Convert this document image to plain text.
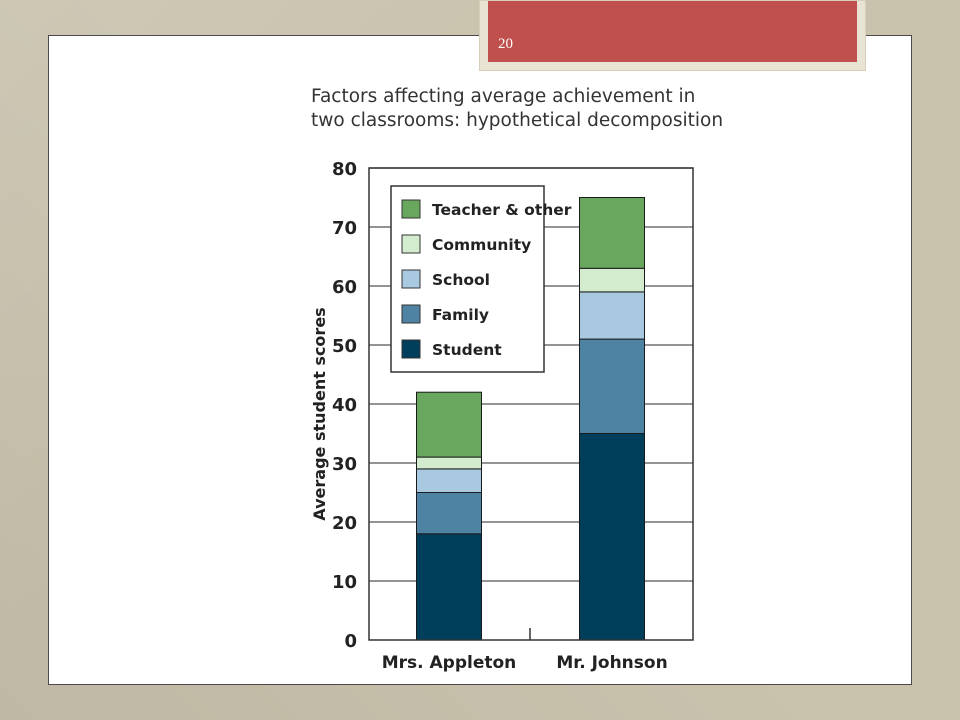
20
Factors affecting average achievement in
two classrooms: hypothetical decomposition
0
10
20
30
40
50
60
70
80
Mrs. Appleton Mr. Johnson
Average student scores
Teacher & other
Community
School
Family
Student
